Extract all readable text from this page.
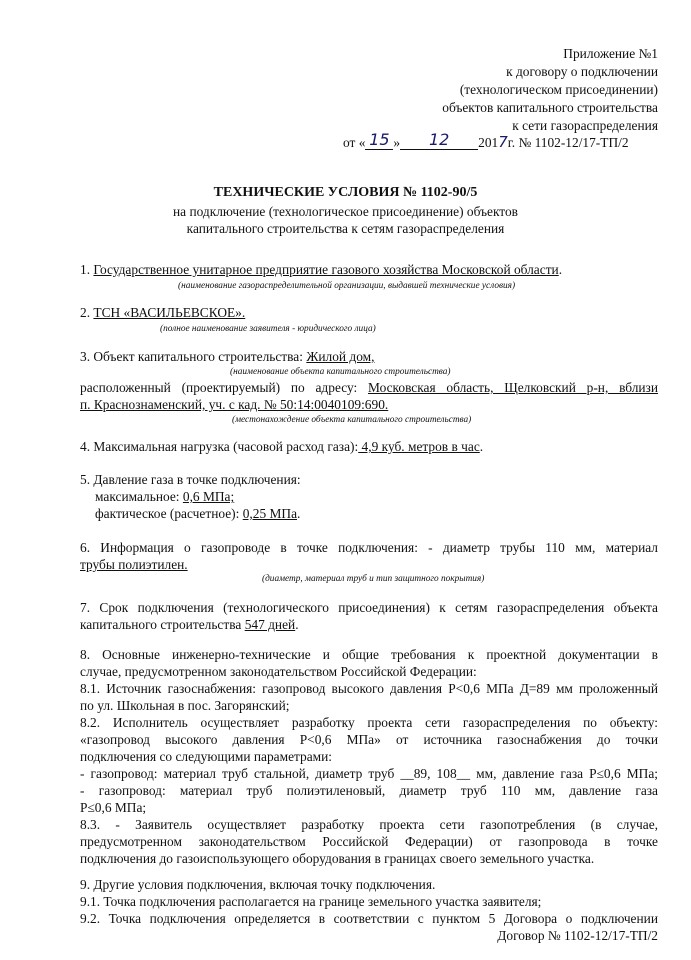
Приложение №1
к договору о подключении
(технологическом присоединении)
объектов капитального строительства
к сети газораспределения
от « 15 » 12 2017г. № 1102-12/17-ТП/2
ТЕХНИЧЕСКИЕ УСЛОВИЯ № 1102-90/5
на подключение (технологическое присоединение) объектов
капитального строительства к сетям газораспределения
1. Государственное унитарное предприятие газового хозяйства Московской области.
(наименование газораспределительной организации, выдавшей технические условия)
2. ТСН «ВАСИЛЬЕВСКОЕ».
(полное наименование заявителя - юридического лица)
3. Объект капитального строительства: Жилой дом,
(наименование объекта капитального строительства)
расположенный (проектируемый) по адресу: Московская область, Щелковский р-н, вблизи
п. Краснознаменский, уч. с кад. № 50:14:0040109:690.
(местонахождение объекта капитального строительства)
4. Максимальная нагрузка (часовой расход газа): 4,9 куб. метров в час.
5. Давление газа в точке подключения:
максимальное: 0,6 МПа;
фактическое (расчетное): 0,25 МПа.
6. Информация о газопроводе в точке подключения: - диаметр трубы 110 мм, материал
трубы полиэтилен.
(диаметр, материал труб и тип защитного покрытия)
7. Срок подключения (технологического присоединения) к сетям газораспределения объекта
капитального строительства 547 дней.
8. Основные инженерно-технические и общие требования к проектной документации в
случае, предусмотренном законодательством Российской Федерации:
8.1. Источник газоснабжения: газопровод высокого давления Р<0,6 МПа Д=89 мм проложенный
по ул. Школьная в пос. Загорянский;
8.2. Исполнитель осуществляет разработку проекта сети газораспределения по объекту:
«газопровод высокого давления Р<0,6 МПа» от источника газоснабжения до точки
подключения со следующими параметрами:
- газопровод: материал труб стальной, диаметр труб __89, 108__ мм, давление газа Р≤0,6 МПа;
- газопровод: материал труб полиэтиленовый, диаметр труб 110 мм, давление газа
Р≤0,6 МПа;
8.3. - Заявитель осуществляет разработку проекта сети газопотребления (в случае,
предусмотренном законодательством Российской Федерации) от газопровода в точке
подключения до газоиспользующего оборудования в границах своего земельного участка.
9. Другие условия подключения, включая точку подключения.
9.1. Точка подключения располагается на границе земельного участка заявителя;
9.2. Точка подключения определяется в соответствии с пунктом 5 Договора о подключении
Договор № 1102-12/17-ТП/2
